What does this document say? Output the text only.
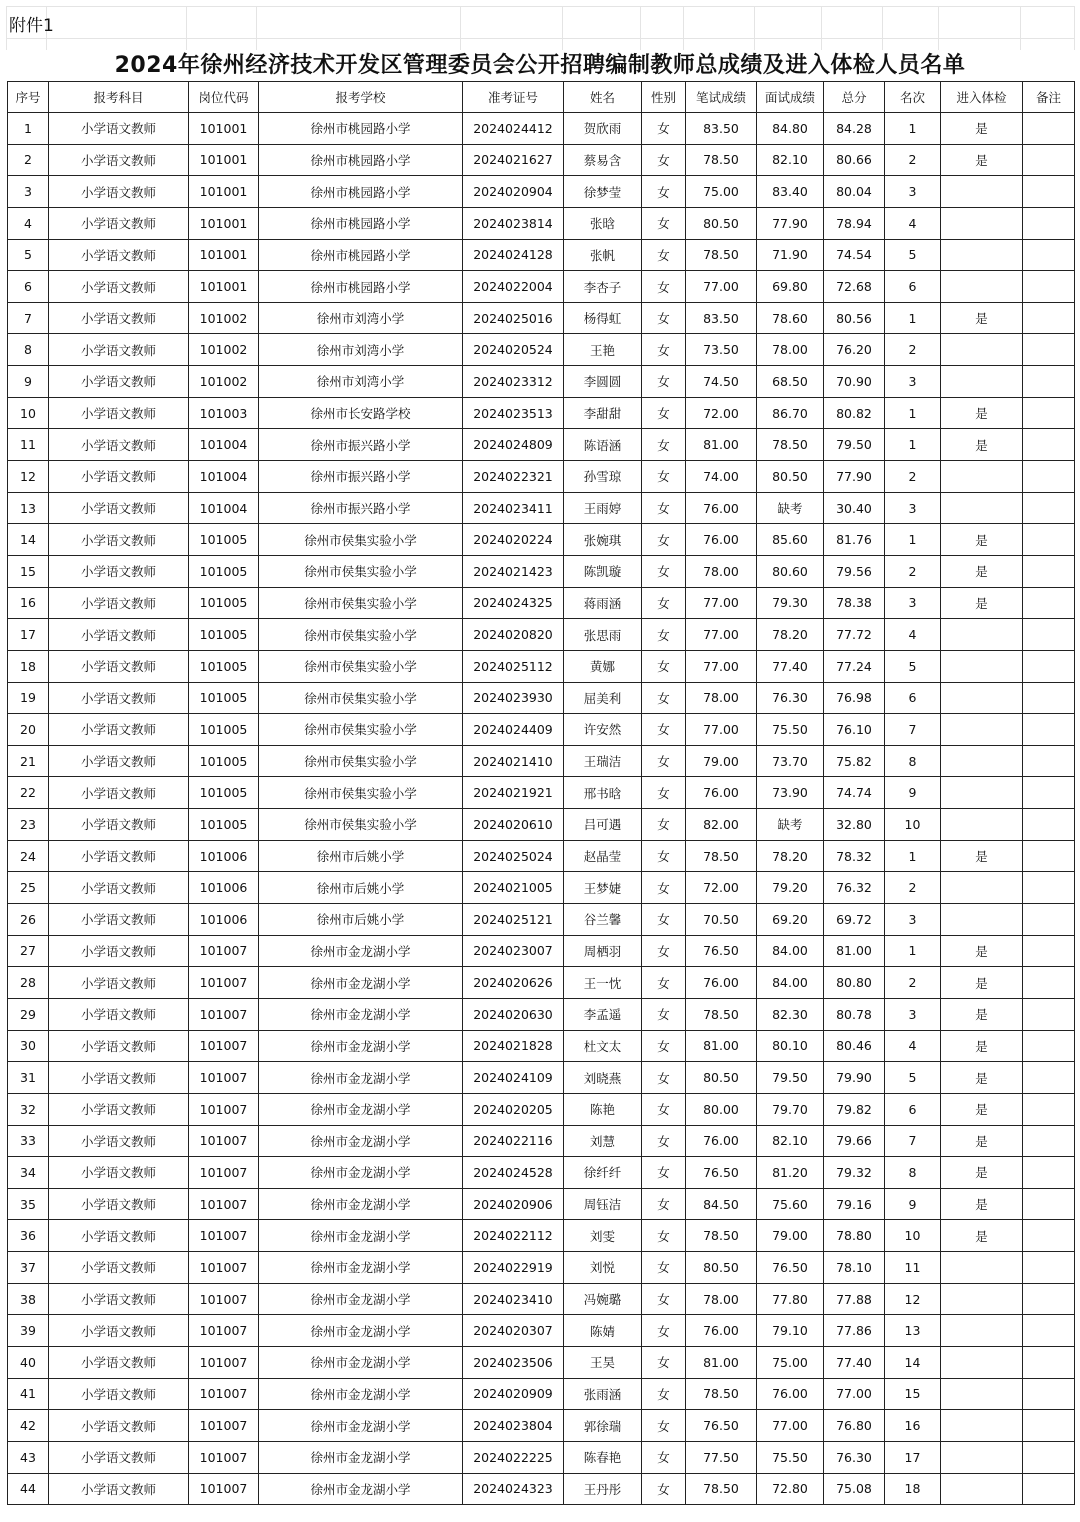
附件1
2024年徐州经济技术开发区管理委员会公开招聘编制教师总成绩及进入体检人员名单
序号	报考科目	岗位代码	报考学校	准考证号	姓名	性别	笔试成绩	面试成绩	总分	名次	进入体检	备注
1	小学语文教师	101001	徐州市桃园路小学	2024024412	贺欣雨	女	83.50	84.80	84.28	1	是	
2	小学语文教师	101001	徐州市桃园路小学	2024021627	蔡易含	女	78.50	82.10	80.66	2	是	
3	小学语文教师	101001	徐州市桃园路小学	2024020904	徐梦莹	女	75.00	83.40	80.04	3		
4	小学语文教师	101001	徐州市桃园路小学	2024023814	张晗	女	80.50	77.90	78.94	4		
5	小学语文教师	101001	徐州市桃园路小学	2024024128	张帆	女	78.50	71.90	74.54	5		
6	小学语文教师	101001	徐州市桃园路小学	2024022004	李杏子	女	77.00	69.80	72.68	6		
7	小学语文教师	101002	徐州市刘湾小学	2024025016	杨得虹	女	83.50	78.60	80.56	1	是	
8	小学语文教师	101002	徐州市刘湾小学	2024020524	王艳	女	73.50	78.00	76.20	2		
9	小学语文教师	101002	徐州市刘湾小学	2024023312	李圆圆	女	74.50	68.50	70.90	3		
10	小学语文教师	101003	徐州市长安路学校	2024023513	李甜甜	女	72.00	86.70	80.82	1	是	
11	小学语文教师	101004	徐州市振兴路小学	2024024809	陈语涵	女	81.00	78.50	79.50	1	是	
12	小学语文教师	101004	徐州市振兴路小学	2024022321	孙雪琼	女	74.00	80.50	77.90	2		
13	小学语文教师	101004	徐州市振兴路小学	2024023411	王雨婷	女	76.00	缺考	30.40	3		
14	小学语文教师	101005	徐州市侯集实验小学	2024020224	张婉琪	女	76.00	85.60	81.76	1	是	
15	小学语文教师	101005	徐州市侯集实验小学	2024021423	陈凯璇	女	78.00	80.60	79.56	2	是	
16	小学语文教师	101005	徐州市侯集实验小学	2024024325	蒋雨涵	女	77.00	79.30	78.38	3	是	
17	小学语文教师	101005	徐州市侯集实验小学	2024020820	张思雨	女	77.00	78.20	77.72	4		
18	小学语文教师	101005	徐州市侯集实验小学	2024025112	黄娜	女	77.00	77.40	77.24	5		
19	小学语文教师	101005	徐州市侯集实验小学	2024023930	屈美利	女	78.00	76.30	76.98	6		
20	小学语文教师	101005	徐州市侯集实验小学	2024024409	许安然	女	77.00	75.50	76.10	7		
21	小学语文教师	101005	徐州市侯集实验小学	2024021410	王瑞洁	女	79.00	73.70	75.82	8		
22	小学语文教师	101005	徐州市侯集实验小学	2024021921	邢书晗	女	76.00	73.90	74.74	9		
23	小学语文教师	101005	徐州市侯集实验小学	2024020610	吕可遇	女	82.00	缺考	32.80	10		
24	小学语文教师	101006	徐州市后姚小学	2024025024	赵晶莹	女	78.50	78.20	78.32	1	是	
25	小学语文教师	101006	徐州市后姚小学	2024021005	王梦婕	女	72.00	79.20	76.32	2		
26	小学语文教师	101006	徐州市后姚小学	2024025121	谷兰馨	女	70.50	69.20	69.72	3		
27	小学语文教师	101007	徐州市金龙湖小学	2024023007	周栖羽	女	76.50	84.00	81.00	1	是	
28	小学语文教师	101007	徐州市金龙湖小学	2024020626	王一忱	女	76.00	84.00	80.80	2	是	
29	小学语文教师	101007	徐州市金龙湖小学	2024020630	李孟遥	女	78.50	82.30	80.78	3	是	
30	小学语文教师	101007	徐州市金龙湖小学	2024021828	杜文太	女	81.00	80.10	80.46	4	是	
31	小学语文教师	101007	徐州市金龙湖小学	2024024109	刘晓燕	女	80.50	79.50	79.90	5	是	
32	小学语文教师	101007	徐州市金龙湖小学	2024020205	陈艳	女	80.00	79.70	79.82	6	是	
33	小学语文教师	101007	徐州市金龙湖小学	2024022116	刘慧	女	76.00	82.10	79.66	7	是	
34	小学语文教师	101007	徐州市金龙湖小学	2024024528	徐纤纤	女	76.50	81.20	79.32	8	是	
35	小学语文教师	101007	徐州市金龙湖小学	2024020906	周钰洁	女	84.50	75.60	79.16	9	是	
36	小学语文教师	101007	徐州市金龙湖小学	2024022112	刘雯	女	78.50	79.00	78.80	10	是	
37	小学语文教师	101007	徐州市金龙湖小学	2024022919	刘悦	女	80.50	76.50	78.10	11		
38	小学语文教师	101007	徐州市金龙湖小学	2024023410	冯婉璐	女	78.00	77.80	77.88	12		
39	小学语文教师	101007	徐州市金龙湖小学	2024020307	陈婧	女	76.00	79.10	77.86	13		
40	小学语文教师	101007	徐州市金龙湖小学	2024023506	王昊	女	81.00	75.00	77.40	14		
41	小学语文教师	101007	徐州市金龙湖小学	2024020909	张雨涵	女	78.50	76.00	77.00	15		
42	小学语文教师	101007	徐州市金龙湖小学	2024023804	郭徐瑞	女	76.50	77.00	76.80	16		
43	小学语文教师	101007	徐州市金龙湖小学	2024022225	陈春艳	女	77.50	75.50	76.30	17		
44	小学语文教师	101007	徐州市金龙湖小学	2024024323	王丹彤	女	78.50	72.80	75.08	18		
